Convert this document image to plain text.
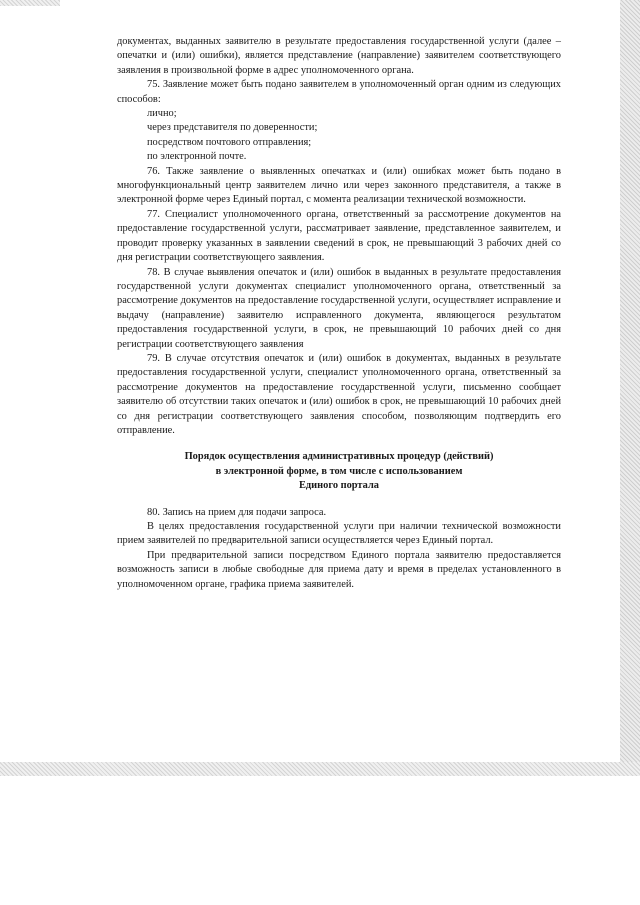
документах, выданных заявителю в результате предоставления государственной услуги (далее – опечатки и (или) ошибки), является представление (направление) заявителем соответствующего заявления в произвольной форме в адрес уполномоченного органа.

75. Заявление может быть подано заявителем в уполномоченный орган одним из следующих способов:

лично;

через представителя по доверенности;

посредством почтового отправления;

по электронной почте.

76. Также заявление о выявленных опечатках и (или) ошибках может быть подано в многофункциональный центр заявителем лично или через законного представителя, а также в электронной форме через Единый портал, с момента реализации технической возможности.

77. Специалист уполномоченного органа, ответственный за рассмотрение документов на предоставление государственной услуги, рассматривает заявление, представленное заявителем, и проводит проверку указанных в заявлении сведений в срок, не превышающий 3 рабочих дней со дня регистрации соответствующего заявления.

78. В случае выявления опечаток и (или) ошибок в выданных в результате предоставления государственной услуги документах специалист уполномоченного органа, ответственный за рассмотрение документов на предоставление государственной услуги, осуществляет исправление и выдачу (направление) заявителю исправленного документа, являющегося результатом предоставления государственной услуги, в срок, не превышающий 10 рабочих дней со дня регистрации соответствующего заявления

79. В случае отсутствия опечаток и (или) ошибок в документах, выданных в результате предоставления государственной услуги, специалист уполномоченного органа, ответственный за рассмотрение документов на предоставление государственной услуги, письменно сообщает заявителю об отсутствии таких опечаток и (или) ошибок в срок, не превышающий 10 рабочих дней со дня регистрации соответствующего заявления способом, позволяющим подтвердить его отправление.

Порядок осуществления административных процедур (действий)
в электронной форме, в том числе с использованием
Единого портала

80. Запись на прием для подачи запроса.

В целях предоставления государственной услуги при наличии технической возможности прием заявителей по предварительной записи осуществляется через Единый портал.

При предварительной записи посредством Единого портала заявителю предоставляется возможность записи в любые свободные для приема дату и время в пределах установленного в уполномоченном органе, графика приема заявителей.
